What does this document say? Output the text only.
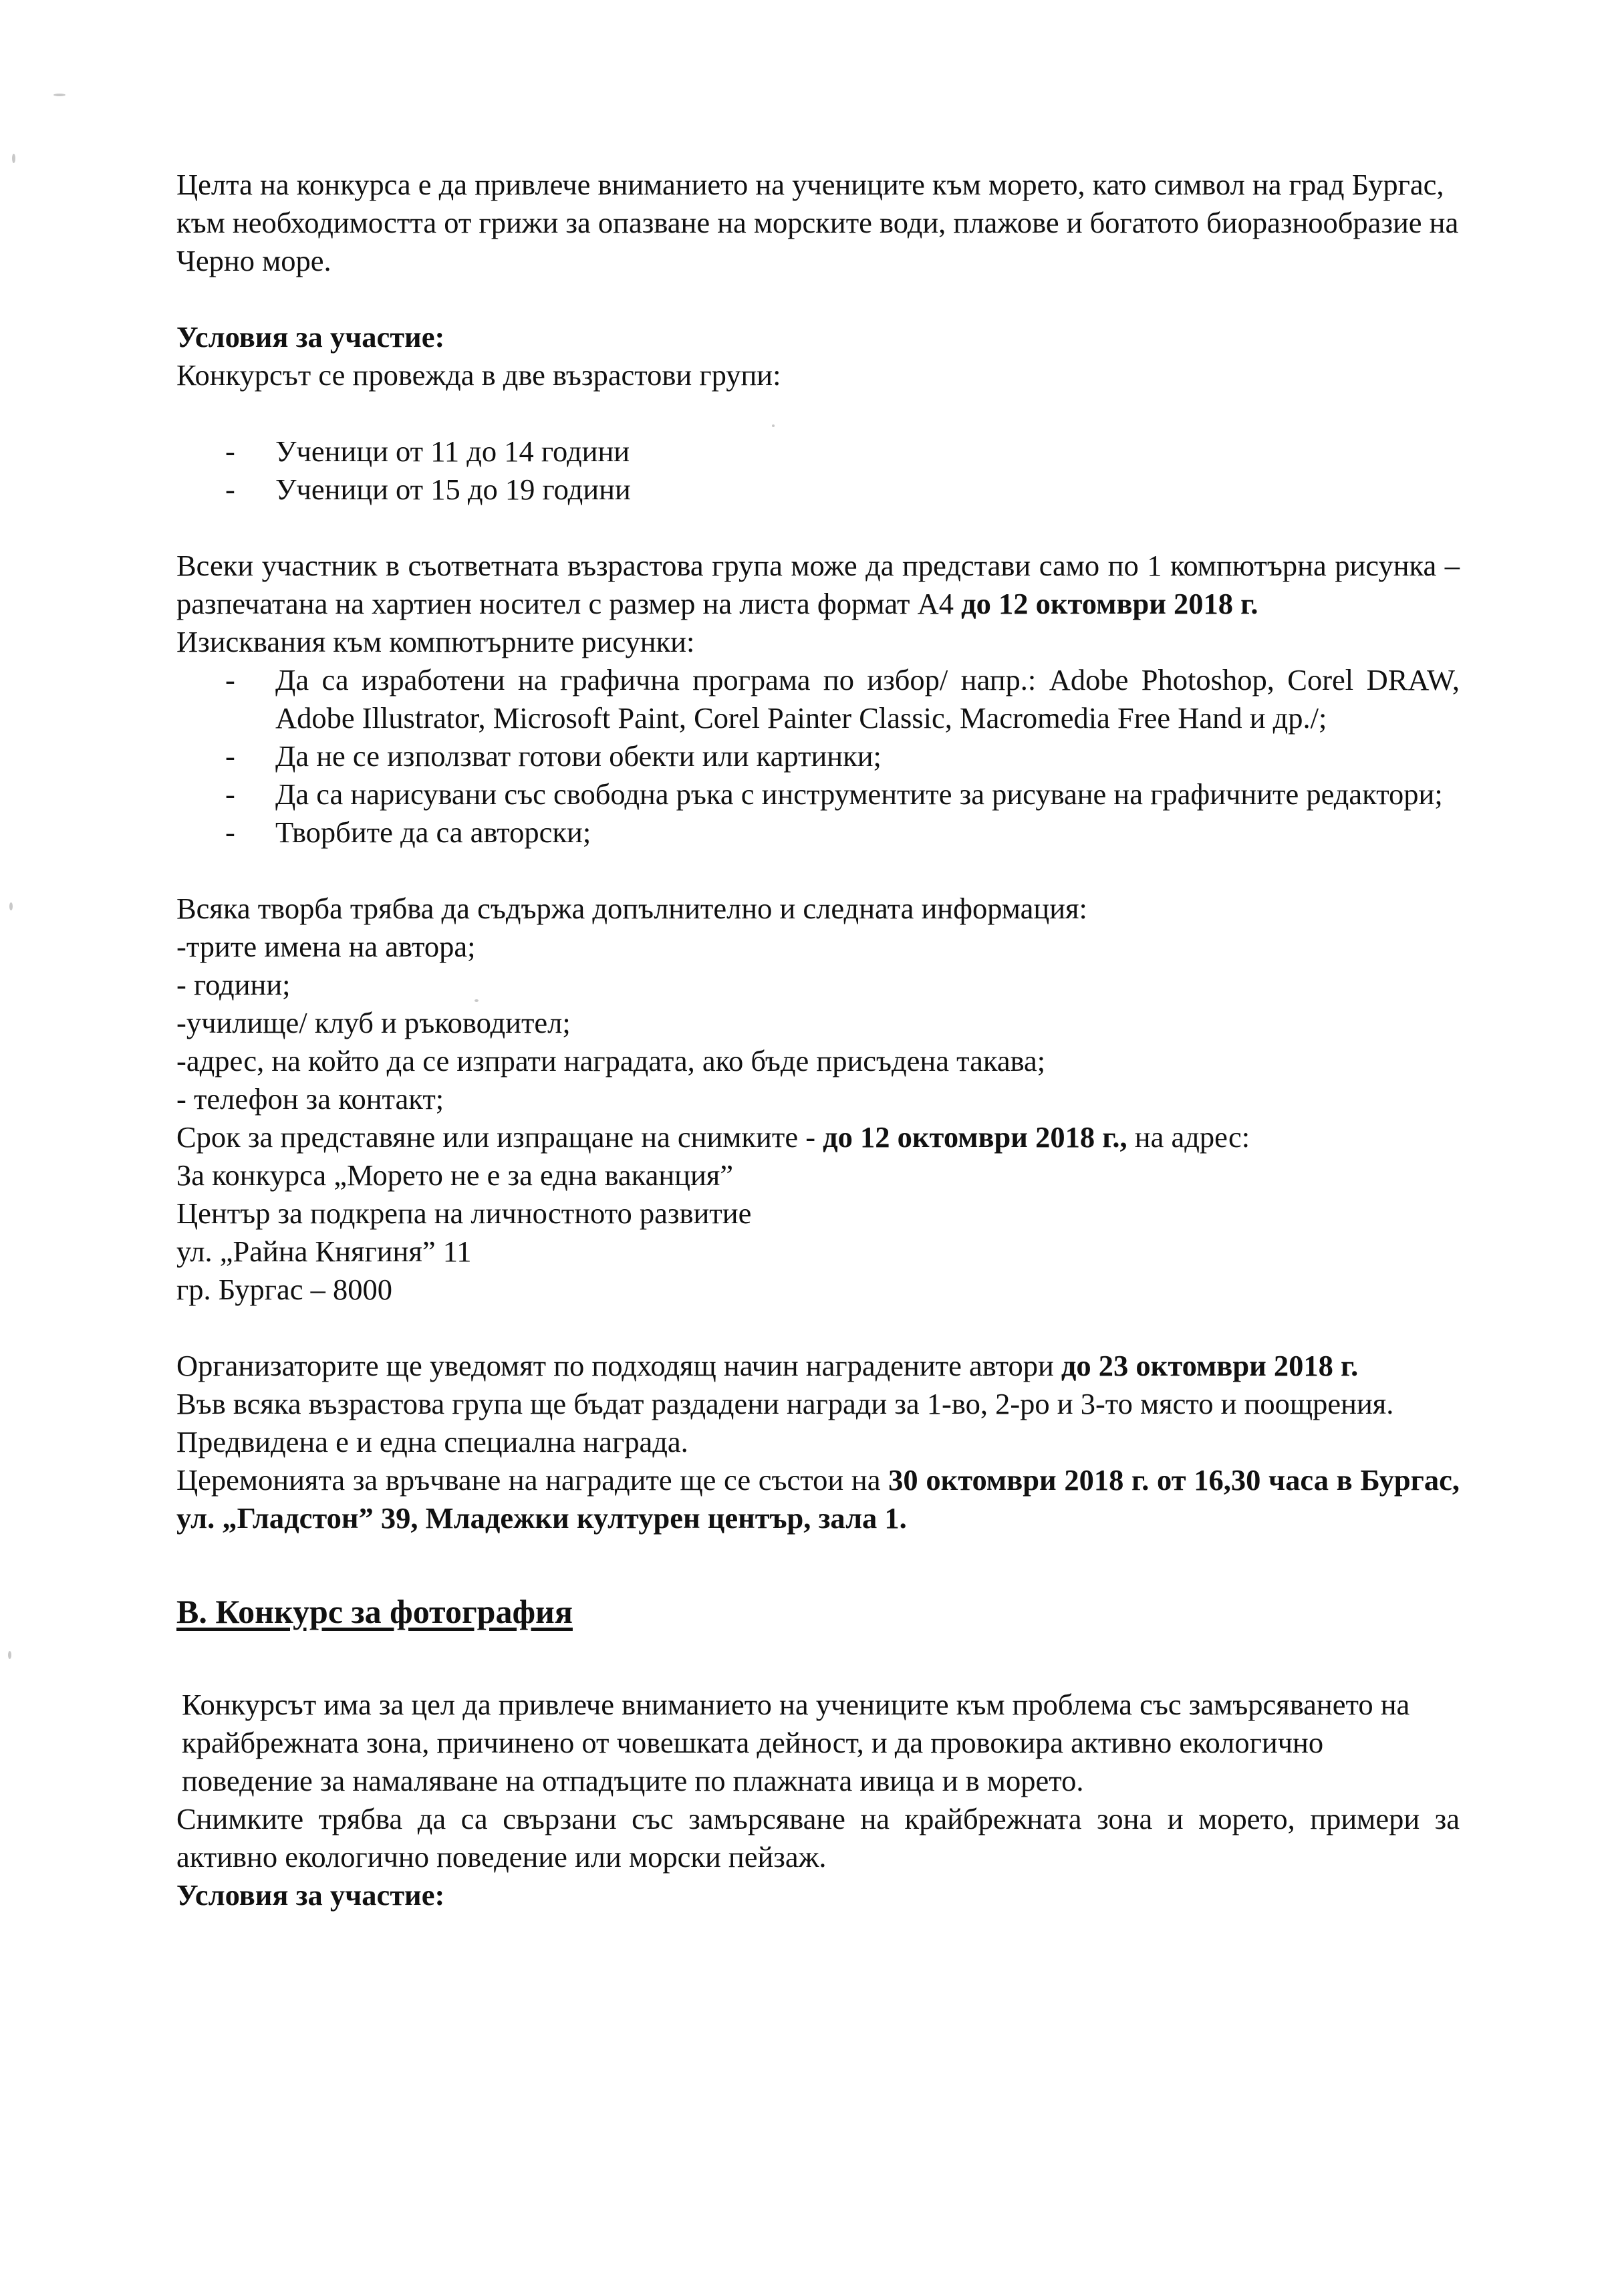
Целта на конкурса е да привлече вниманието на учениците към морето, като символ на град Бургас, към необходимостта от грижи за опазване на морските води, плажове и богатото биоразнообразие на Черно море.

Условия за участие:

Конкурсът се провежда в две възрастови групи:

- Ученици от 11 до 14 години
- Ученици от 15 до 19 години

Всеки участник в съответната възрастова група може да представи само по 1 компютърна рисунка – разпечатана на хартиен носител с размер на листа формат А4 до 12 октомври 2018 г.

Изисквания към компютърните рисунки:

- Да са изработени на графична програма по избор/ напр.: Adobe Photoshop, Corel DRAW, Adobe Illustrator, Microsoft Paint, Corel Painter Classic, Macromedia Free Hand и др./;
- Да не се използват готови обекти или картинки;
- Да са нарисувани със свободна ръка с инструментите за рисуване на графичните редактори;
- Творбите да са авторски;

Всяка творба трябва да съдържа допълнително и следната информация:

-трите имена на автора;

- години;

-училище/ клуб и ръководител;

-адрес, на който да се изпрати наградата, ако бъде присъдена такава;

- телефон за контакт;

Срок за представяне или изпращане на снимките - до 12 октомври 2018 г., на адрес:

За конкурса „Морето не е за една ваканция”

Център за подкрепа на личностното развитие

ул. „Райна Княгиня” 11

гр. Бургас – 8000

Организаторите ще уведомят по подходящ начин наградените автори до 23 октомври 2018 г.

Във всяка възрастова група ще бъдат раздадени награди за 1-во, 2-ро и 3-то място и поощрения. Предвидена е и една специална награда.

Церемонията за връчване на наградите ще се състои на 30 октомври 2018 г. от 16,30 часа в Бургас, ул. „Гладстон” 39, Младежки културен център, зала 1.

В. Конкурс за фотография

Конкурсът има за цел да привлече вниманието на учениците към проблема със замърсяването на крайбрежната зона, причинено от човешката дейност, и да провокира активно екологично поведение за намаляване на отпадъците по плажната ивица и в морето.

Снимките трябва да са свързани със замърсяване на крайбрежната зона и морето, примери за активно екологично поведение или морски пейзаж.

Условия за участие:
